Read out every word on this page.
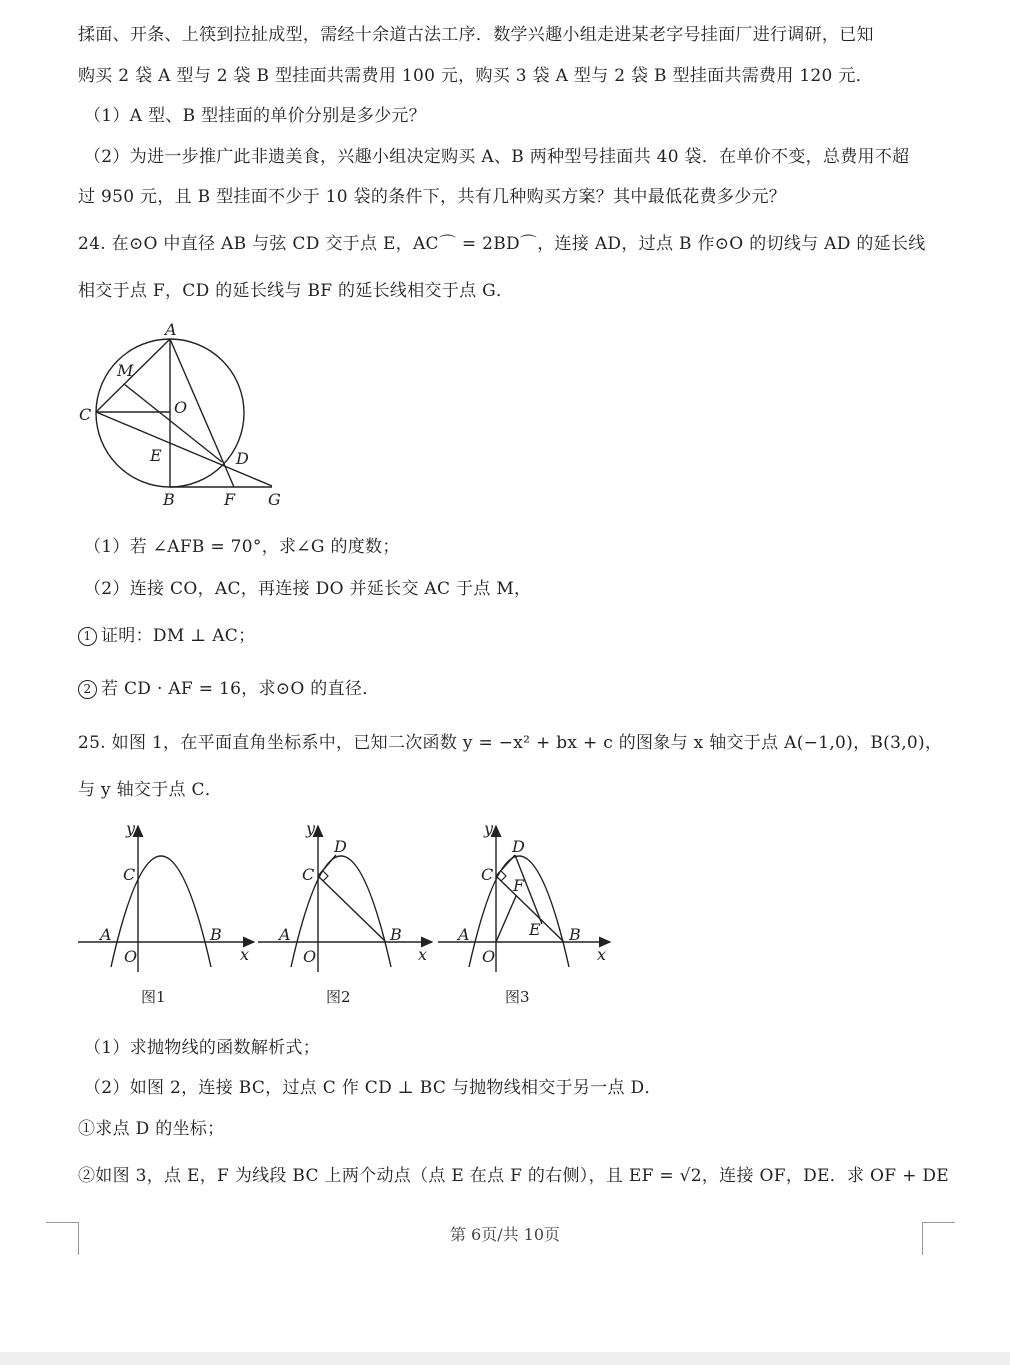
揉面、开条、上筷到拉扯成型，需经十余道古法工序．数学兴趣小组走进某老字号挂面厂进行调研，已知
购买 2 袋 A 型与 2 袋 B 型挂面共需费用 100 元，购买 3 袋 A 型与 2 袋 B 型挂面共需费用 120 元．
（1）A 型、B 型挂面的单价分别是多少元？
（2）为进一步推广此非遗美食，兴趣小组决定购买 A、B 两种型号挂面共 40 袋．在单价不变，总费用不超
过 950 元，且 B 型挂面不少于 10 袋的条件下，共有几种购买方案？其中最低花费多少元？
24. 在⊙O 中直径 AB 与弦 CD 交于点 E，AC⌒ = 2BD⌒，连接 AD，过点 B 作⊙O 的切线与 AD 的延长线
相交于点 F，CD 的延长线与 BF 的延长线相交于点 G．
A
M
C	O
E	D
B	F G
（1）若 ∠AFB = 70°，求∠G 的度数；
（2）连接 CO，AC，再连接 DO 并延长交 AC 于点 M，
1 证明：DM ⊥ AC；
2 若 CD · AF = 16，求⊙O 的直径．
25. 如图 1，在平面直角坐标系中，已知二次函数 y = −x² + bx + c 的图象与 x 轴交于点 A(−1,0)，B(3,0)，
与 y 轴交于点 C．
y
x
O
A	B
C
图1
y
x
O
A	B
C
D
图2
y
x
O
A	B
C
D
F
E
图3
（1）求抛物线的函数解析式；
（2）如图 2，连接 BC，过点 C 作 CD ⊥ BC 与抛物线相交于另一点 D．
①求点 D 的坐标；
②如图 3，点 E，F 为线段 BC 上两个动点（点 E 在点 F 的右侧），且 EF = √2，连接 OF，DE．求 OF + DE
第 6页/共 10页
